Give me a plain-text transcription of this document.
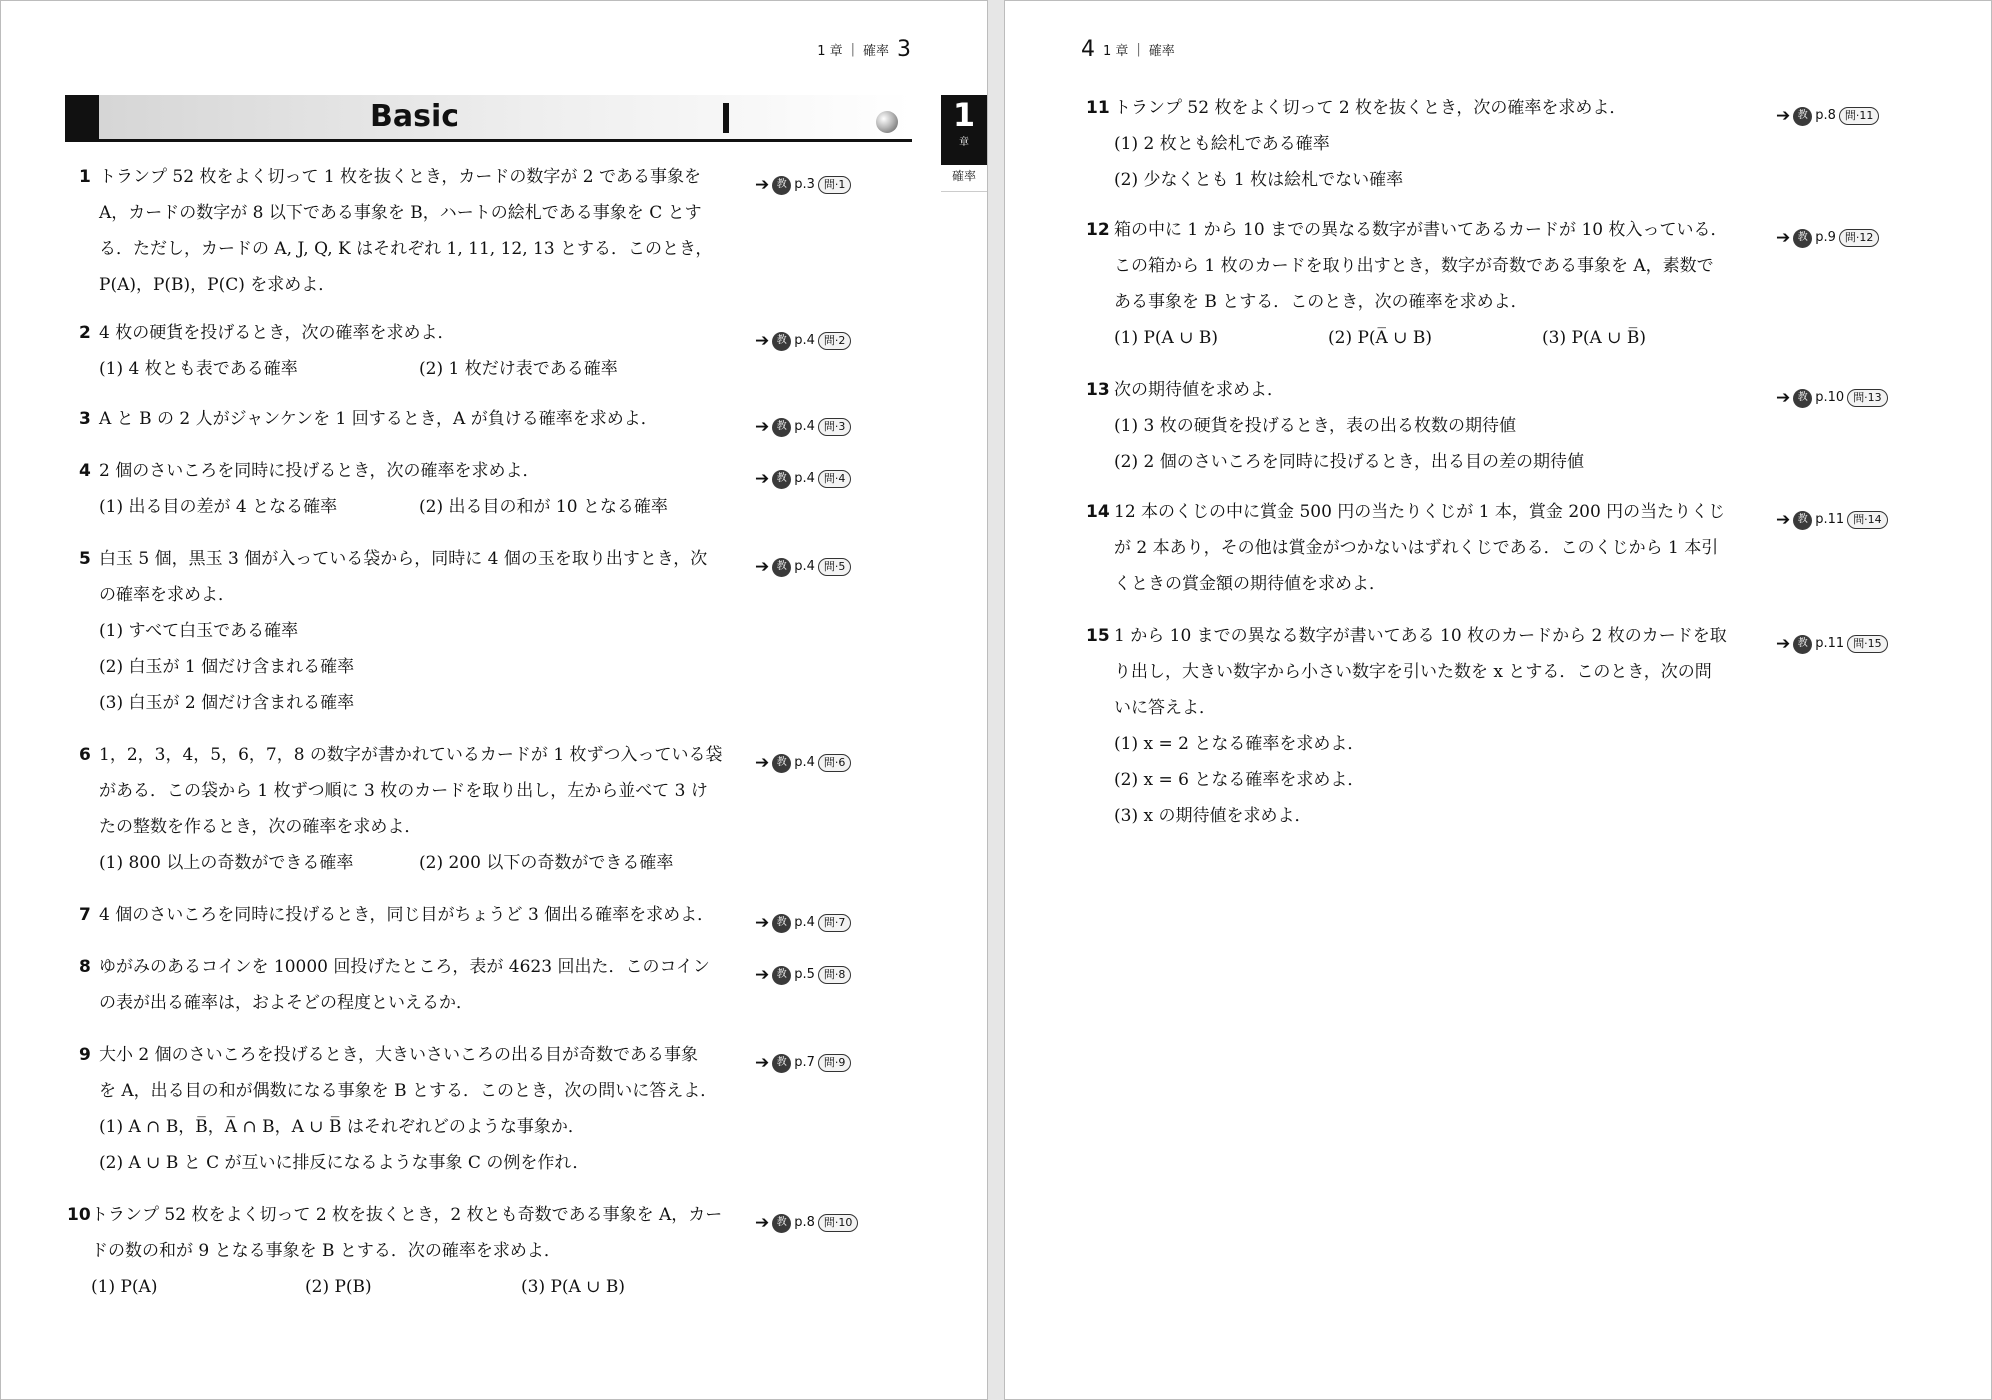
1 章 | 確率 3
Basic	1
章
確率
1 トランプ 52 枚をよく切って 1 枚を抜くとき，カードの数字が 2 である事象を
A，カードの数字が 8 以下である事象を B，ハートの絵札である事象を C とす
る．ただし，カードの A, J, Q, K はそれぞれ 1, 11, 12, 13 とする．このとき，
P(A)，P(B)，P(C) を求めよ．
➔ 教 p.3 問·1
2 4 枚の硬貨を投げるとき，次の確率を求めよ．
(1) 4 枚とも表である確率	(2) 1 枚だけ表である確率
➔ 教 p.4 問·2
3 A と B の 2 人がジャンケンを 1 回するとき，A が負ける確率を求めよ．	➔ 教 p.4 問·3
4 2 個のさいころを同時に投げるとき，次の確率を求めよ．
(1) 出る目の差が 4 となる確率	(2) 出る目の和が 10 となる確率
➔ 教 p.4 問·4
5 白玉 5 個，黒玉 3 個が入っている袋から，同時に 4 個の玉を取り出すとき，次
の確率を求めよ．
(1) すべて白玉である確率
(2) 白玉が 1 個だけ含まれる確率
(3) 白玉が 2 個だけ含まれる確率
➔ 教 p.4 問·5
6 1，2，3，4，5，6，7，8 の数字が書かれているカードが 1 枚ずつ入っている袋
がある．この袋から 1 枚ずつ順に 3 枚のカードを取り出し，左から並べて 3 け
たの整数を作るとき，次の確率を求めよ．
(1) 800 以上の奇数ができる確率	(2) 200 以下の奇数ができる確率
➔ 教 p.4 問·6
7 4 個のさいころを同時に投げるとき，同じ目がちょうど 3 個出る確率を求めよ． ➔ 教 p.4 問·7
8 ゆがみのあるコインを 10000 回投げたところ，表が 4623 回出た．このコイン
の表が出る確率は，およそどの程度といえるか．
➔ 教 p.5 問·8
9 大小 2 個のさいころを投げるとき，大きいさいころの出る目が奇数である事象
を A，出る目の和が偶数になる事象を B とする．このとき，次の問いに答えよ．
(1) A ∩ B，B̅，A̅ ∩ B，A ∪ B̅ はそれぞれどのような事象か．
(2) A ∪ B と C が互いに排反になるような事象 C の例を作れ．
➔ 教 p.7 問·9
10 トランプ 52 枚をよく切って 2 枚を抜くとき，2 枚とも奇数である事象を A，カー
ドの数の和が 9 となる事象を B とする．次の確率を求めよ．
(1) P(A)	(2) P(B)	(3) P(A ∪ B)
➔ 教 p.8 問·10
4 1 章 | 確率
11 トランプ 52 枚をよく切って 2 枚を抜くとき，次の確率を求めよ．
(1) 2 枚とも絵札である確率
(2) 少なくとも 1 枚は絵札でない確率
➔ 教 p.8 問·11
12 箱の中に 1 から 10 までの異なる数字が書いてあるカードが 10 枚入っている．
この箱から 1 枚のカードを取り出すとき，数字が奇数である事象を A，素数で
ある事象を B とする．このとき，次の確率を求めよ．
(1) P(A ∪ B)	(2) P(A̅ ∪ B)	(3) P(A ∪ B̅)
➔ 教 p.9 問·12
13 次の期待値を求めよ．
(1) 3 枚の硬貨を投げるとき，表の出る枚数の期待値
(2) 2 個のさいころを同時に投げるとき，出る目の差の期待値
➔ 教 p.10 問·13
14 12 本のくじの中に賞金 500 円の当たりくじが 1 本，賞金 200 円の当たりくじ
が 2 本あり，その他は賞金がつかないはずれくじである．このくじから 1 本引
くときの賞金額の期待値を求めよ．
➔ 教 p.11 問·14
15 1 から 10 までの異なる数字が書いてある 10 枚のカードから 2 枚のカードを取
り出し，大きい数字から小さい数字を引いた数を x とする．このとき，次の問
いに答えよ．
(1) x = 2 となる確率を求めよ．
(2) x = 6 となる確率を求めよ．
(3) x の期待値を求めよ．
➔ 教 p.11 問·15
